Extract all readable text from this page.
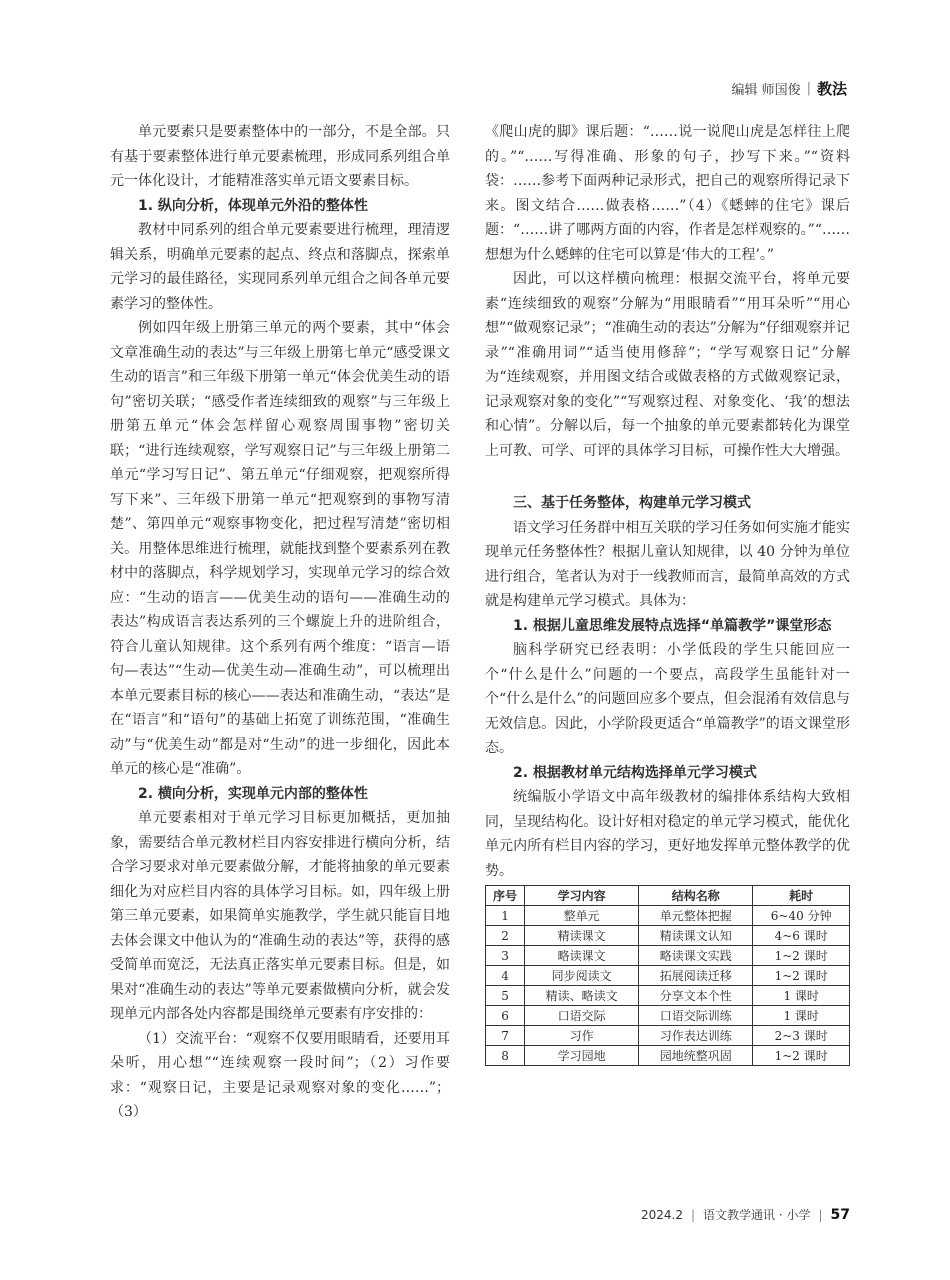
编辑 师国俊 | 教法

单元要素只是要素整体中的一部分，不是全部。只有基于要素整体进行单元要素梳理，形成同系列组合单元一体化设计，才能精准落实单元语文要素目标。

1. 纵向分析，体现单元外沿的整体性

教材中同系列的组合单元要素要进行梳理，理清逻辑关系，明确单元要素的起点、终点和落脚点，探索单元学习的最佳路径，实现同系列单元组合之间各单元要素学习的整体性。

例如四年级上册第三单元的两个要素，其中“体会文章准确生动的表达”与三年级上册第七单元“感受课文生动的语言”和三年级下册第一单元“体会优美生动的语句”密切关联；“感受作者连续细致的观察”与三年级上册第五单元“体会怎样留心观察周围事物”密切关联；“进行连续观察，学写观察日记”与三年级上册第二单元“学习写日记”、第五单元“仔细观察，把观察所得写下来”、三年级下册第一单元“把观察到的事物写清楚”、第四单元“观察事物变化，把过程写清楚”密切相关。用整体思维进行梳理，就能找到整个要素系列在教材中的落脚点，科学规划学习，实现单元学习的综合效应：“生动的语言——优美生动的语句——准确生动的表达”构成语言表达系列的三个螺旋上升的进阶组合，符合儿童认知规律。这个系列有两个维度：“语言—语句—表达”“生动—优美生动—准确生动”，可以梳理出本单元要素目标的核心——表达和准确生动，“表达”是在“语言”和“语句”的基础上拓宽了训练范围，“准确生动”与“优美生动”都是对“生动”的进一步细化，因此本单元的核心是“准确”。

2. 横向分析，实现单元内部的整体性

单元要素相对于单元学习目标更加概括，更加抽象，需要结合单元教材栏目内容安排进行横向分析，结合学习要求对单元要素做分解，才能将抽象的单元要素细化为对应栏目内容的具体学习目标。如，四年级上册第三单元要素，如果简单实施教学，学生就只能盲目地去体会课文中他认为的“准确生动的表达”等，获得的感受简单而宽泛，无法真正落实单元要素目标。但是，如果对“准确生动的表达”等单元要素做横向分析，就会发现单元内部各处内容都是围绕单元要素有序安排的：

（1）交流平台：“观察不仅要用眼睛看，还要用耳朵听，用心想”“连续观察一段时间”；（2）习作要求：“观察日记，主要是记录观察对象的变化……”；（3）

《爬山虎的脚》课后题：“……说一说爬山虎是怎样往上爬的。”“……写得准确、形象的句子，抄写下来。”“资料袋：……参考下面两种记录形式，把自己的观察所得记录下来。图文结合……做表格……”（4）《蟋蟀的住宅》课后题：“……讲了哪两方面的内容，作者是怎样观察的。”“……想想为什么蟋蟀的住宅可以算是‘伟大的工程’。”

因此，可以这样横向梳理：根据交流平台，将单元要素“连续细致的观察”分解为“用眼睛看”“用耳朵听”“用心想”“做观察记录”；“准确生动的表达”分解为“仔细观察并记录”“准确用词”“适当使用修辞”；“学写观察日记”分解为“连续观察，并用图文结合或做表格的方式做观察记录，记录观察对象的变化”“写观察过程、对象变化、‘我’的想法和心情”。分解以后，每一个抽象的单元要素都转化为课堂上可教、可学、可评的具体学习目标，可操作性大大增强。

三、基于任务整体，构建单元学习模式

语文学习任务群中相互关联的学习任务如何实施才能实现单元任务整体性？根据儿童认知规律，以 40 分钟为单位进行组合，笔者认为对于一线教师而言，最简单高效的方式就是构建单元学习模式。具体为：

1. 根据儿童思维发展特点选择“单篇教学”课堂形态

脑科学研究已经表明：小学低段的学生只能回应一个“什么是什么”问题的一个要点，高段学生虽能针对一个“什么是什么”的问题回应多个要点，但会混淆有效信息与无效信息。因此，小学阶段更适合“单篇教学”的语文课堂形态。

2. 根据教材单元结构选择单元学习模式

统编版小学语文中高年级教材的编排体系结构大致相同，呈现结构化。设计好相对稳定的单元学习模式，能优化单元内所有栏目内容的学习，更好地发挥单元整体教学的优势。

序号	学习内容	结构名称	耗时
1	整单元	单元整体把握	6~40 分钟
2	精读课文	精读课文认知	4~6 课时
3	略读课文	略读课文实践	1~2 课时
4	同步阅读文	拓展阅读迁移	1~2 课时
5	精读、略读文	分享文本个性	1 课时
6	口语交际	口语交际训练	1 课时
7	习作	习作表达训练	2~3 课时
8	学习园地	园地统整巩固	1~2 课时
2024.2 | 语文教学通讯 · 小学 | 57
